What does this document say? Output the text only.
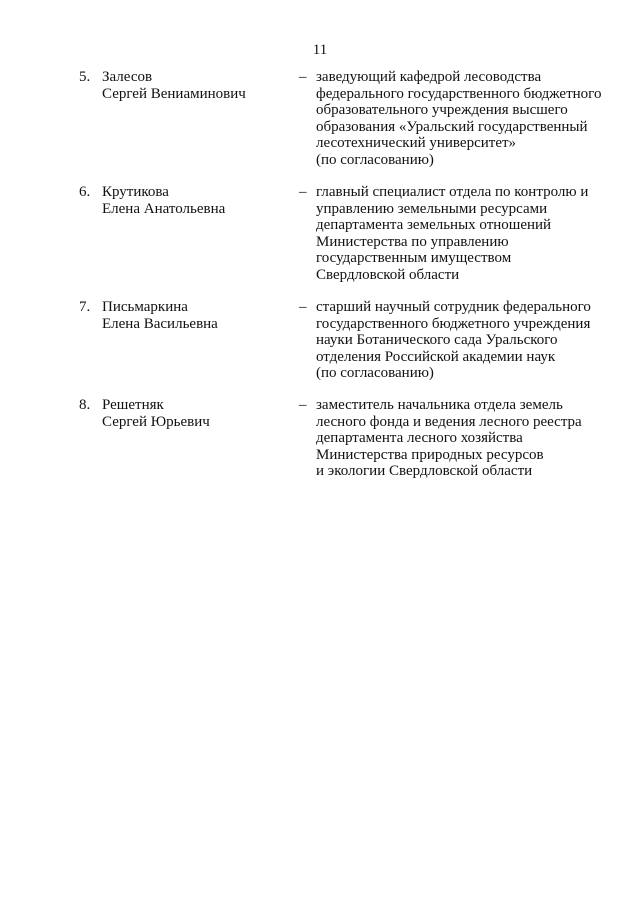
11
5. Залесов
Сергей Вениаминович
– заведующий кафедрой лесоводства
федерального государственного бюджетного
образовательного учреждения высшего
образования «Уральский государственный
лесотехнический университет»
(по согласованию)
6. Крутикова
Елена Анатольевна
– главный специалист отдела по контролю и
управлению земельными ресурсами
департамента земельных отношений
Министерства по управлению
государственным имуществом
Свердловской области
7. Письмаркина
Елена Васильевна
– старший научный сотрудник федерального
государственного бюджетного учреждения
науки Ботанического сада Уральского
отделения Российской академии наук
(по согласованию)
8. Решетняк
Сергей Юрьевич
– заместитель начальника отдела земель
лесного фонда и ведения лесного реестра
департамента лесного хозяйства
Министерства природных ресурсов
и экологии Свердловской области
